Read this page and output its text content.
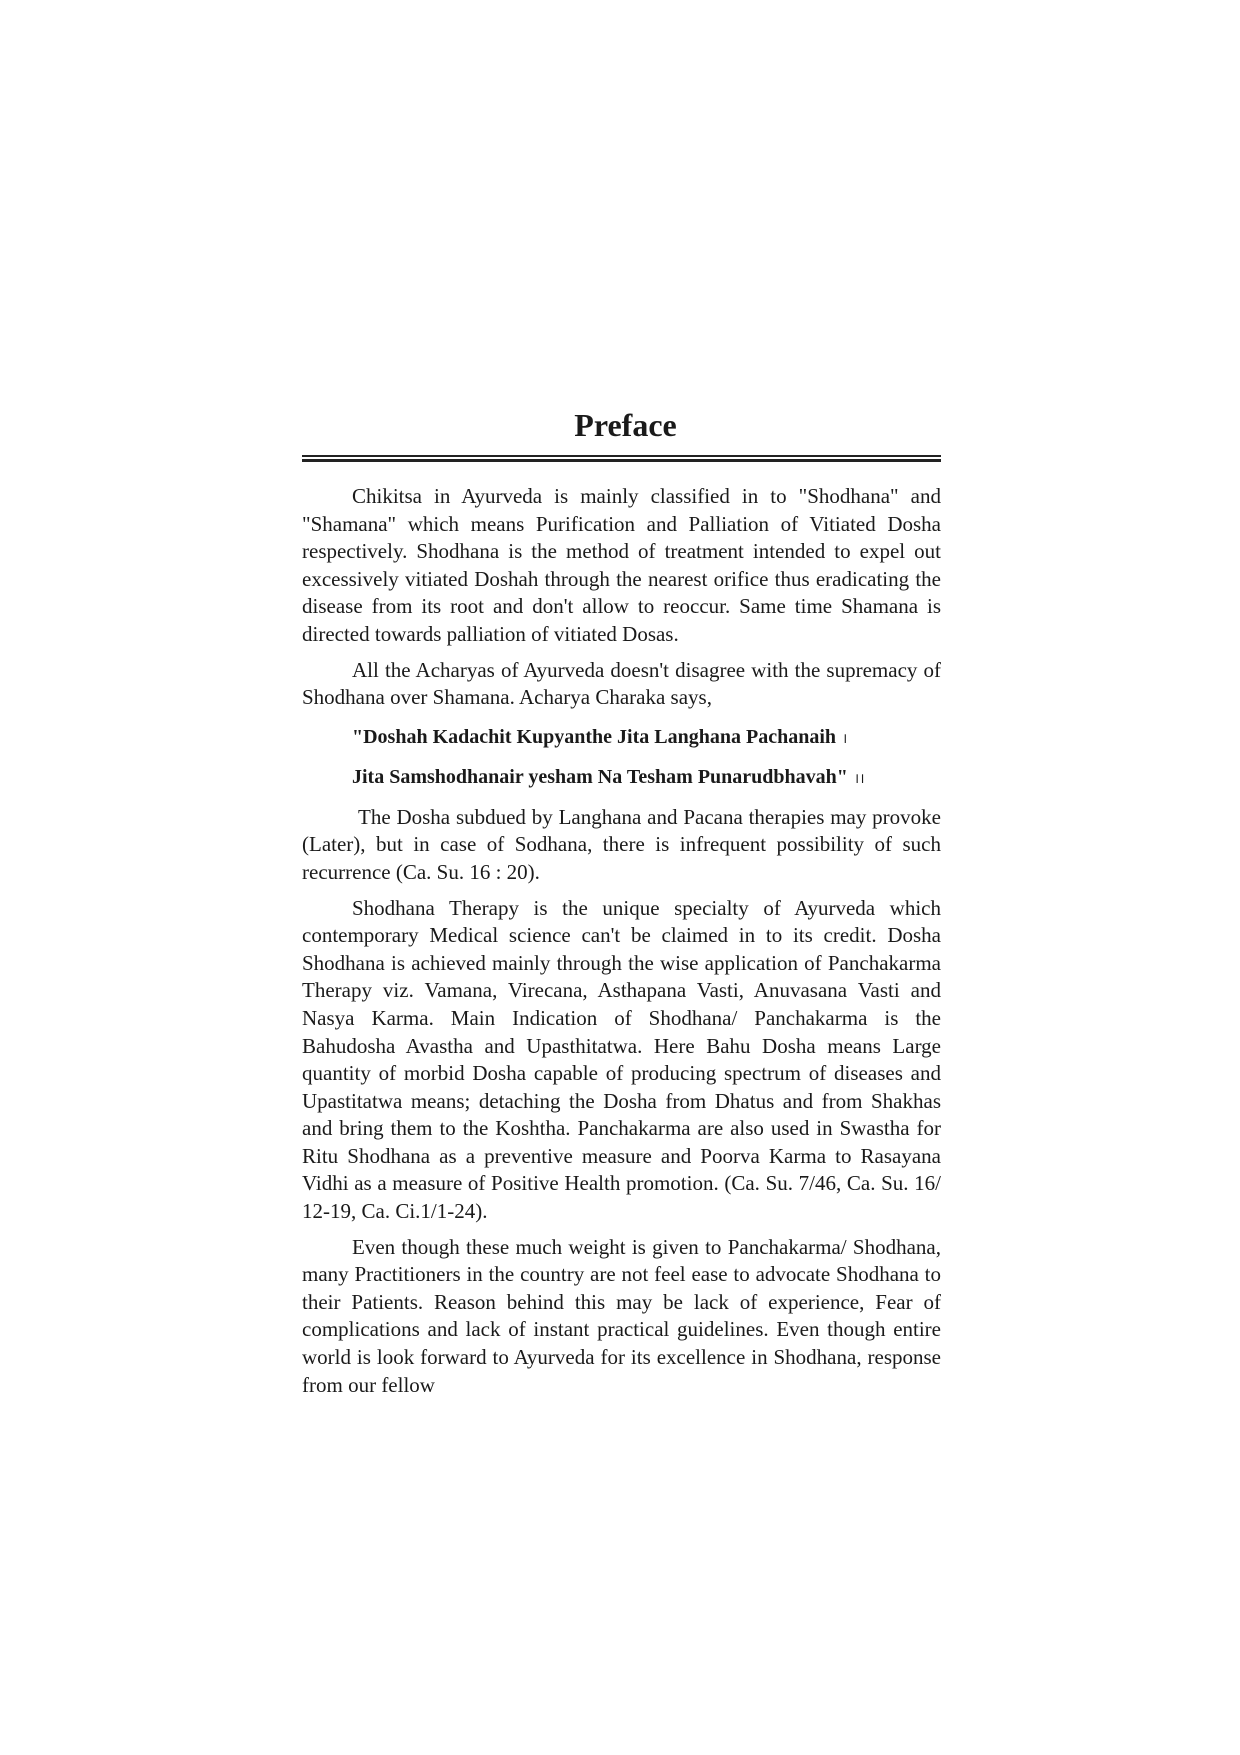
Preface

Chikitsa in Ayurveda is mainly classified in to "Shodhana" and "Shamana" which means Purification and Palliation of Vitiated Dosha respectively. Shodhana is the method of treatment intended to expel out excessively vitiated Doshah through the nearest orifice thus eradicating the disease from its root and don't allow to reoccur. Same time Shamana is directed towards palliation of vitiated Dosas.

All the Acharyas of Ayurveda doesn't disagree with the supremacy of Shodhana over Shamana. Acharya Charaka says,

"Doshah Kadachit Kupyanthe Jita Langhana Pachanaih ।
Jita Samshodhanair yesham Na Tesham Punarudbhavah" ।।

The Dosha subdued by Langhana and Pacana therapies may provoke (Later), but in case of Sodhana, there is infrequent possibility of such recurrence (Ca. Su. 16 : 20).

Shodhana Therapy is the unique specialty of Ayurveda which contemporary Medical science can't be claimed in to its credit. Dosha Shodhana is achieved mainly through the wise application of Panchakarma Therapy viz. Vamana, Virecana, Asthapana Vasti, Anuvasana Vasti and Nasya Karma. Main Indication of Shodhana/ Panchakarma is the Bahudosha Avastha and Upasthitatwa. Here Bahu Dosha means Large quantity of morbid Dosha capable of producing spectrum of diseases and Upastitatwa means; detaching the Dosha from Dhatus and from Shakhas and bring them to the Koshtha. Panchakarma are also used in Swastha for Ritu Shodhana as a preventive measure and Poorva Karma to Rasayana Vidhi as a measure of Positive Health promotion. (Ca. Su. 7/46, Ca. Su. 16/ 12-19, Ca. Ci.1/1-24).

Even though these much weight is given to Panchakarma/ Shodhana, many Practitioners in the country are not feel ease to advocate Shodhana to their Patients. Reason behind this may be lack of experience, Fear of complications and lack of instant practical guidelines. Even though entire world is look forward to Ayurveda for its excellence in Shodhana, response from our fellow
